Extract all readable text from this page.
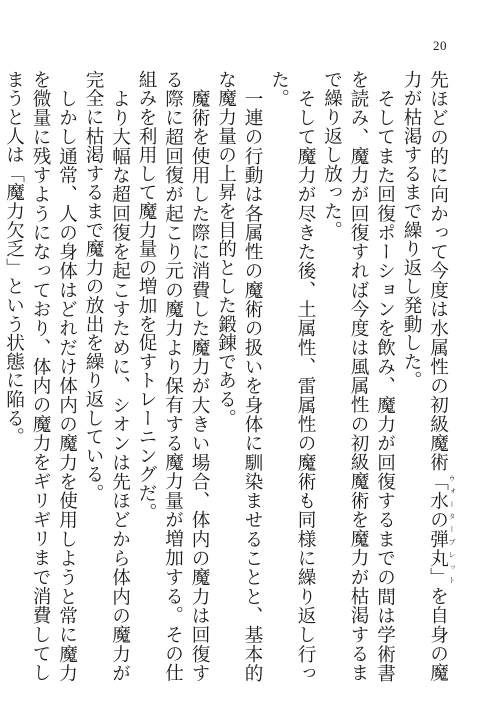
20

先ほどの的に向かって今度は水属性の初級魔術「水の弾丸」 ウォーターブレットを自身の魔力が枯渇するまで繰り返し発動した。

そしてまた回復ポーションを飲み、魔力が回復するまでの間は学術書を読み、魔力が回復すれば今度は風属性の初級魔術を魔力が枯渇するまで繰り返し放った。

そして魔力が尽きた後、土属性、雷属性の魔術も同様に繰り返し行った。

一連の行動は各属性の魔術の扱いを身体に馴染ませることと、基本的な魔力量の上昇を目的とした鍛錬である。

魔術を使用した際に消費した魔力が大きい場合、体内の魔力は回復する際に超回復が起こり元の魔力より保有する魔力量が増加する。その仕組みを利用して魔力量の増加を促すトレーニングだ。

より大幅な超回復を起こすために、シオンは先ほどから体内の魔力が完全に枯渇するまで魔力の放出を繰り返している。

しかし通常、人の身体はどれだけ体内の魔力を使用しようと常に魔力を微量に残すようになっており、体内の魔力をギリギリまで消費してしまうと人は「魔力欠乏」という状態に陥る。
